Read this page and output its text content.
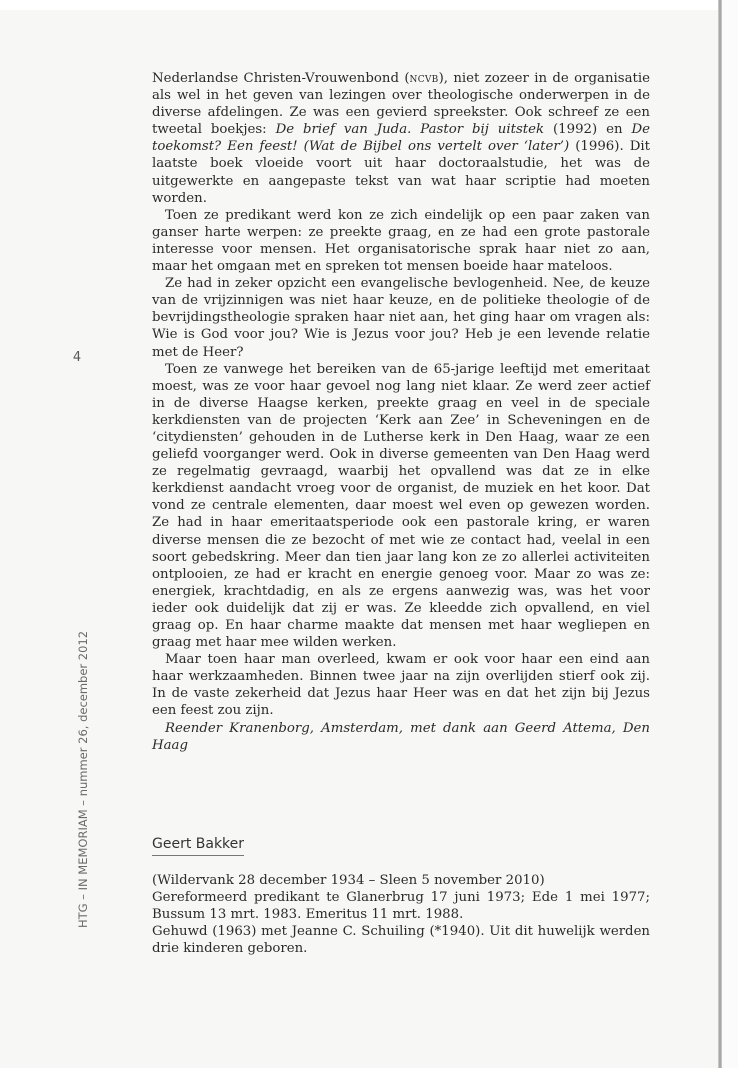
4
HTG – IN MEMORIAM – nummer 26, december 2012

Nederlandse Christen-Vrouwenbond (ncvb), niet zozeer in de organisatie als wel in het geven van lezingen over theologische onderwerpen in de diverse afdelingen. Ze was een gevierd spreekster. Ook schreef ze een tweetal boekjes: De brief van Juda. Pastor bij uitstek (1992) en De toekomst? Een feest! (Wat de Bijbel ons vertelt over ‘later’) (1996). Dit laatste boek vloeide voort uit haar doctoraalstudie, het was de uitgewerkte en aangepaste tekst van wat haar scriptie had moeten worden.

Toen ze predikant werd kon ze zich eindelijk op een paar zaken van ganser harte werpen: ze preekte graag, en ze had een grote pastorale interesse voor mensen. Het organisatorische sprak haar niet zo aan, maar het omgaan met en spreken tot mensen boeide haar mateloos.

Ze had in zeker opzicht een evangelische bevlogenheid. Nee, de keuze van de vrijzinnigen was niet haar keuze, en de politieke theologie of de bevrijdingstheologie spraken haar niet aan, het ging haar om vragen als: Wie is God voor jou? Wie is Jezus voor jou? Heb je een levende relatie met de Heer?

Toen ze vanwege het bereiken van de 65-jarige leeftijd met emeritaat moest, was ze voor haar gevoel nog lang niet klaar. Ze werd zeer actief in de diverse Haagse kerken, preekte graag en veel in de speciale kerkdiensten van de projecten ‘Kerk aan Zee’ in Scheveningen en de ‘citydiensten’ gehouden in de Lutherse kerk in Den Haag, waar ze een geliefd voorganger werd. Ook in diverse gemeenten van Den Haag werd ze regelmatig gevraagd, waarbij het opvallend was dat ze in elke kerkdienst aandacht vroeg voor de organist, de muziek en het koor. Dat vond ze centrale elementen, daar moest wel even op gewezen worden. Ze had in haar emeritaatsperiode ook een pastorale kring, er waren diverse mensen die ze bezocht of met wie ze contact had, veelal in een soort gebedskring. Meer dan tien jaar lang kon ze zo allerlei activiteiten ontplooien, ze had er kracht en energie genoeg voor. Maar zo was ze: energiek, krachtdadig, en als ze ergens aanwezig was, was het voor ieder ook duidelijk dat zij er was. Ze kleedde zich opvallend, en viel graag op. En haar charme maakte dat mensen met haar wegliepen en graag met haar mee wilden werken.

Maar toen haar man overleed, kwam er ook voor haar een eind aan haar werkzaamheden. Binnen twee jaar na zijn overlijden stierf ook zij. In de vaste zekerheid dat Jezus haar Heer was en dat het zijn bij Jezus een feest zou zijn.

Reender Kranenborg, Amsterdam, met dank aan Geerd Attema, Den Haag

Geert Bakker

(Wildervank 28 december 1934 – Sleen 5 november 2010)

Gereformeerd predikant te Glanerbrug 17 juni 1973; Ede 1 mei 1977; Bussum 13 mrt. 1983. Emeritus 11 mrt. 1988.

Gehuwd (1963) met Jeanne C. Schuiling (*1940). Uit dit huwelijk werden drie kinderen geboren.
